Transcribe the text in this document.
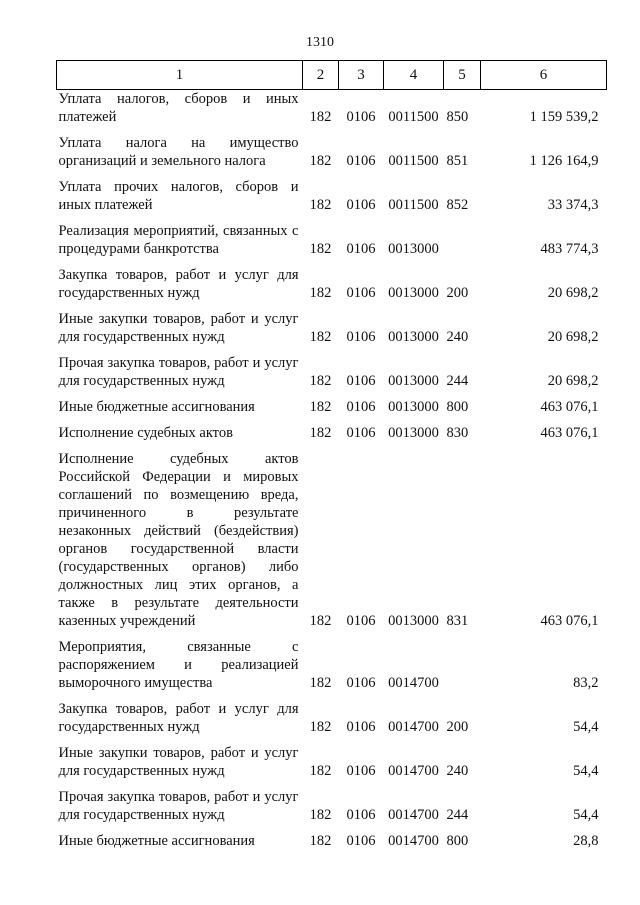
1310
1	2	3	4	5	6
Уплата налогов, сборов и иных платежей	182	0106	0011500	850	1 159 539,2
Уплата налога на имущество организаций и земельного налога	182	0106	0011500	851	1 126 164,9
Уплата прочих налогов, сборов и иных платежей	182	0106	0011500	852	33 374,3
Реализация мероприятий, связанных с процедурами банкротства	182	0106	0013000		483 774,3
Закупка товаров, работ и услуг для государственных нужд	182	0106	0013000	200	20 698,2
Иные закупки товаров, работ и услуг для государственных нужд	182	0106	0013000	240	20 698,2
Прочая закупка товаров, работ и услуг для государственных нужд	182	0106	0013000	244	20 698,2
Иные бюджетные ассигнования	182	0106	0013000	800	463 076,1
Исполнение судебных актов	182	0106	0013000	830	463 076,1
Исполнение судебных актов Российской Федерации и мировых соглашений по возмещению вреда, причиненного в результате незаконных действий (бездействия) органов государственной власти (государственных органов) либо должностных лиц этих органов, а также в результате деятельности казенных учреждений	182	0106	0013000	831	463 076,1
Мероприятия, связанные с распоряжением и реализацией выморочного имущества	182	0106	0014700		83,2
Закупка товаров, работ и услуг для государственных нужд	182	0106	0014700	200	54,4
Иные закупки товаров, работ и услуг для государственных нужд	182	0106	0014700	240	54,4
Прочая закупка товаров, работ и услуг для государственных нужд	182	0106	0014700	244	54,4
Иные бюджетные ассигнования	182	0106	0014700	800	28,8
